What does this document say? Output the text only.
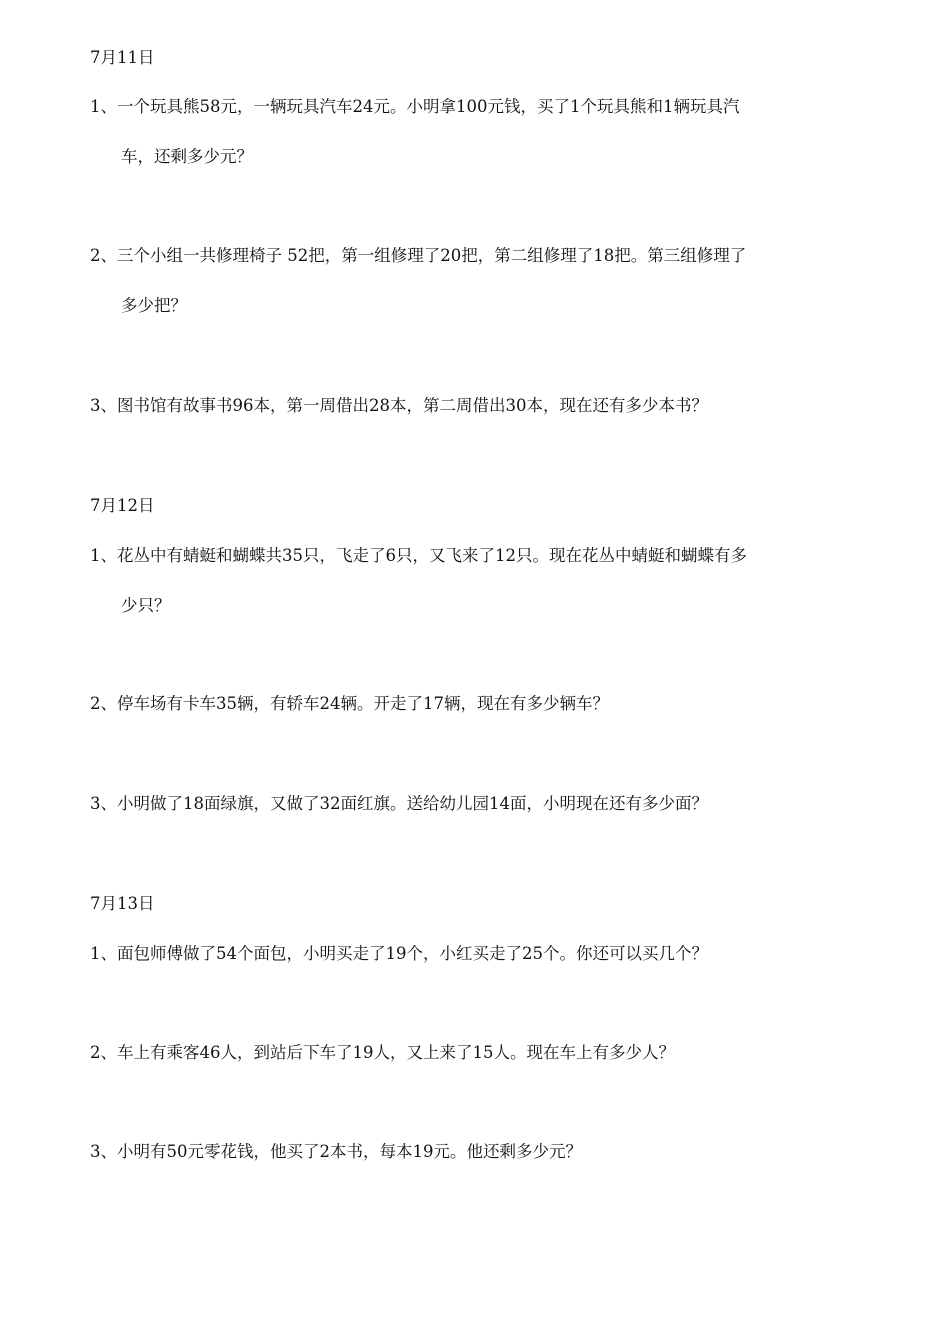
7月11日
1、一个玩具熊58元，一辆玩具汽车24元。小明拿100元钱，买了1个玩具熊和1辆玩具汽
车，还剩多少元？
2、三个小组一共修理椅子 52把，第一组修理了20把，第二组修理了18把。第三组修理了
多少把？
3、图书馆有故事书96本，第一周借出28本，第二周借出30本，现在还有多少本书？
7月12日
1、花丛中有蜻蜓和蝴蝶共35只，飞走了6只，又飞来了12只。现在花丛中蜻蜓和蝴蝶有多
少只？
2、停车场有卡车35辆，有轿车24辆。开走了17辆，现在有多少辆车？
3、小明做了18面绿旗，又做了32面红旗。送给幼儿园14面，小明现在还有多少面？
7月13日
1、面包师傅做了54个面包，小明买走了19个，小红买走了25个。你还可以买几个？
2、车上有乘客46人，到站后下车了19人，又上来了15人。现在车上有多少人？
3、小明有50元零花钱，他买了2本书，每本19元。他还剩多少元？
